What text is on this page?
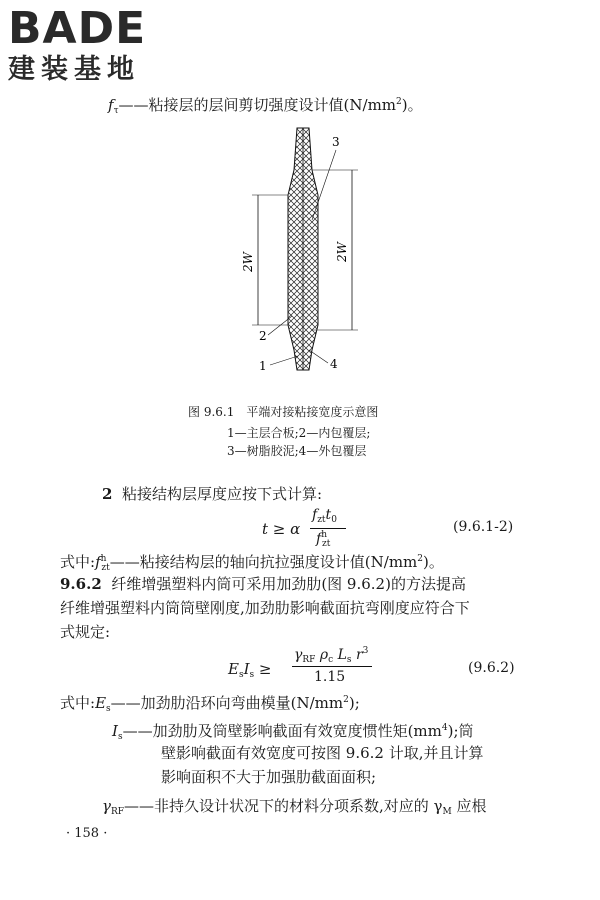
BADE
建装基地
$f_\tau——$粘接层的层间剪切强度设计值$(N/mm^2)$。
2W
2W
3
2
1	4
图 9.6.1　平端对接粘接宽度示意图
1—主层合板;2—内包覆层;
3—树脂胶泥;4—外包覆层
2 粘接结构层厚度应按下式计算:
t ≥ α
$f_{zt}t_0$
$f^h_{zt}$
(9.6.1-2)
式中$:f^h_{zt}——$粘接结构层的轴向抗拉强度设计值$(N/mm^2)$。
9.6.2 纤维增强塑料内筒可采用加劲肋(图 9.6.2)的方法提高
纤维增强塑料内筒筒壁刚度,加劲肋影响截面抗弯刚度应符合下
式规定:
$E_sI_s$ ≥
$\gamma_{RF}$ $\rho_c$ $L_s$ $r^3$
1.15
(9.6.2)
式中$:E_s——$加劲肋沿环向弯曲模量$(N/mm^2)$;
$I_s——$加劲肋及筒壁影响截面有效宽度惯性矩$(mm^4)$;筒
壁影响截面有效宽度可按图 9.6.2 计取,并且计算
影响面积不大于加强肋截面面积;
$\gamma_{RF}——$非持久设计状况下的材料分项系数,对应的 $\gamma_M$ 应根
· 158 ·
